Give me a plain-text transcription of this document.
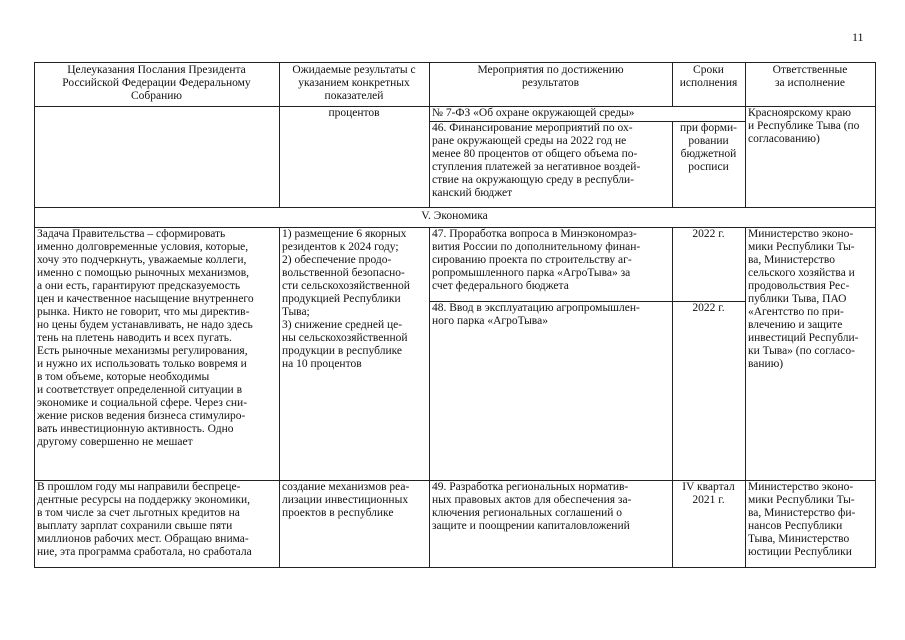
11
Целеуказания Послания Президента
Российской Федерации Федеральному
Собранию
Ожидаемые результаты с
указанием конкретных
показателей
Мероприятия по достижению
результатов
Сроки
исполнения
Ответственные
за исполнение
№ 7-ФЗ «Об охране окружающей среды»
процентов
46. Финансирование мероприятий по ох-
ране окружающей среды на 2022 год не
менее 80 процентов от общего объема по-
ступления платежей за негативное воздей-
ствие на окружающую среду в республи-
канский бюджет
при форми-
ровании
бюджетной
росписи
Красноярскому краю
и Республике Тыва (по
согласованию)
V. Экономика
Задача Правительства – сформировать
именно долговременные условия, которые,
хочу это подчеркнуть, уважаемые коллеги,
именно с помощью рыночных механизмов,
а они есть, гарантируют предсказуемость
цен и качественное насыщение внутреннего
рынка. Никто не говорит, что мы директив-
но цены будем устанавливать, не надо здесь
тень на плетень наводить и всех пугать.
Есть рыночные механизмы регулирования,
и нужно их использовать только вовремя и
в том объеме, которые необходимы
и соответствует определенной ситуации в
экономике и социальной сфере. Через сни-
жение рисков ведения бизнеса стимулиро-
вать инвестиционную активность. Одно
другому совершенно не мешает
1) размещение 6 якорных
резидентов к 2024 году;
2) обеспечение продо-
вольственной безопасно-
сти сельскохозяйственной
продукцией Республики
Тыва;
3) снижение средней це-
ны сельскохозяйственной
продукции в республике
на 10 процентов
47. Проработка вопроса в Минэкономраз-
вития России по дополнительному финан-
сированию проекта по строительству аг-
ропромышленного парка «АгроТыва» за
счет федерального бюджета
2022 г.
48. Ввод в эксплуатацию агропромышлен-
ного парка «АгроТыва»
2022 г.
Министерство эконо-
мики Республики Ты-
ва, Министерство
сельского хозяйства и
продовольствия Рес-
публики Тыва, ПАО
«Агентство по при-
влечению и защите
инвестиций Республи-
ки Тыва» (по согласо-
ванию)
В прошлом году мы направили беспреце-
дентные ресурсы на поддержку экономики,
в том числе за счет льготных кредитов на
выплату зарплат сохранили свыше пяти
миллионов рабочих мест. Обращаю внима-
ние, эта программа сработала, но сработала
создание механизмов реа-
лизации инвестиционных
проектов в республике
49. Разработка региональных норматив-
ных правовых актов для обеспечения за-
ключения региональных соглашений о
защите и поощрении капиталовложений
IV квартал
2021 г.
Министерство эконо-
мики Республики Ты-
ва, Министерство фи-
нансов Республики
Тыва, Министерство
юстиции Республики
